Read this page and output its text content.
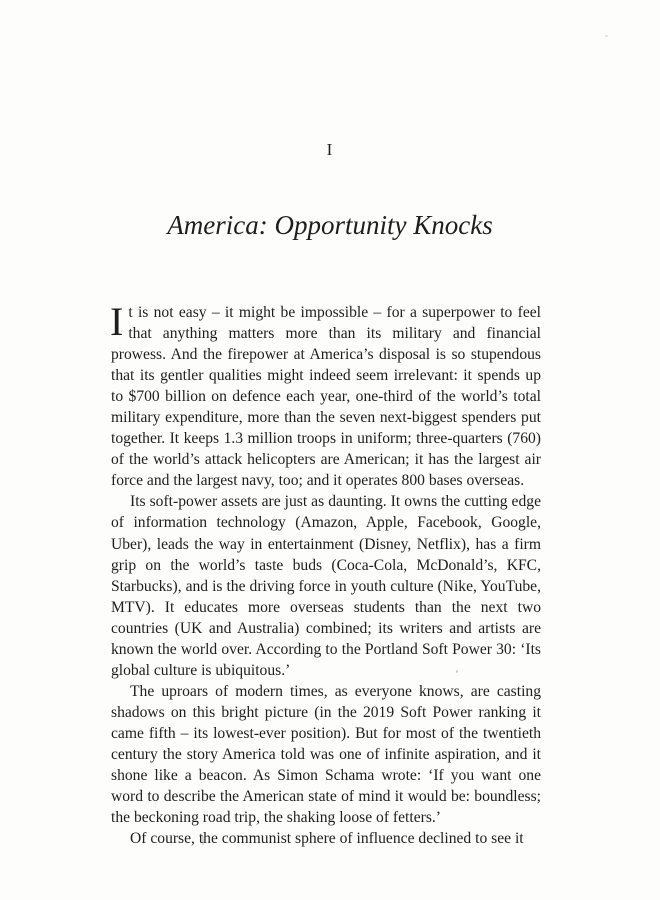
I
America: Opportunity Knocks

It is not easy – it might be impossible – for a superpower to feel that anything matters more than its military and financial prowess. And the firepower at America’s disposal is so stupendous that its gentler qualities might indeed seem irrelevant: it spends up to $700 billion on defence each year, one-third of the world’s total military expenditure, more than the seven next-biggest spenders put together. It keeps 1.3 million troops in uniform; three-quarters (760) of the world’s attack helicopters are American; it has the largest air force and the largest navy, too; and it operates 800 bases overseas.

Its soft-power assets are just as daunting. It owns the cutting edge of information technology (Amazon, Apple, Facebook, Google, Uber), leads the way in entertainment (Disney, Netflix), has a firm grip on the world’s taste buds (Coca-Cola, McDonald’s, KFC, Starbucks), and is the driving force in youth culture (Nike, YouTube, MTV). It educates more overseas students than the next two countries (UK and Australia) combined; its writers and artists are known the world over. According to the Portland Soft Power 30: ‘Its global culture is ubiquitous.’

The uproars of modern times, as everyone knows, are casting shadows on this bright picture (in the 2019 Soft Power ranking it came fifth – its lowest-ever position). But for most of the twentieth century the story America told was one of infinite aspiration, and it shone like a beacon. As Simon Schama wrote: ‘If you want one word to describe the American state of mind it would be: boundless; the beckoning road trip, the shaking loose of fetters.’

Of course, the communist sphere of influence declined to see it
